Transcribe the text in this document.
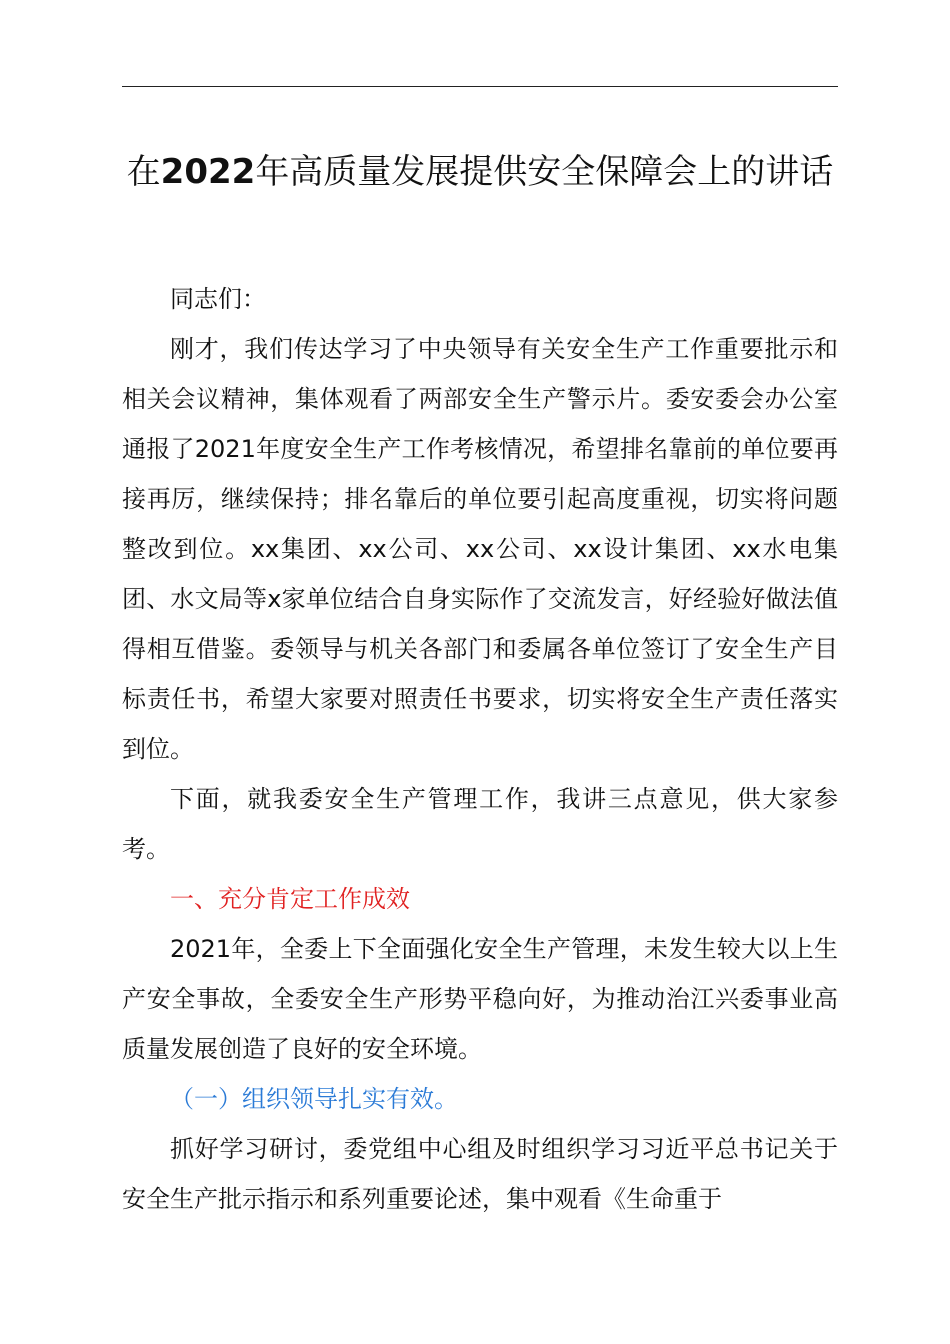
在2022年高质量发展提供安全保障会上的讲话

同志们：

刚才，我们传达学习了中央领导有关安全生产工作重要批示和相关会议精神，集体观看了两部安全生产警示片。委安委会办公室通报了2021年度安全生产工作考核情况，希望排名靠前的单位要再接再厉，继续保持；排名靠后的单位要引起高度重视，切实将问题整改到位。xx集团、xx公司、xx公司、xx设计集团、xx水电集团、水文局等x家单位结合自身实际作了交流发言，好经验好做法值得相互借鉴。委领导与机关各部门和委属各单位签订了安全生产目标责任书，希望大家要对照责任书要求，切实将安全生产责任落实到位。

下面，就我委安全生产管理工作，我讲三点意见，供大家参考。

一、充分肯定工作成效

2021年，全委上下全面强化安全生产管理，未发生较大以上生产安全事故，全委安全生产形势平稳向好，为推动治江兴委事业高质量发展创造了良好的安全环境。

（一）组织领导扎实有效。

抓好学习研讨，委党组中心组及时组织学习习近平总书记关于安全生产批示指示和系列重要论述，集中观看《生命重于
